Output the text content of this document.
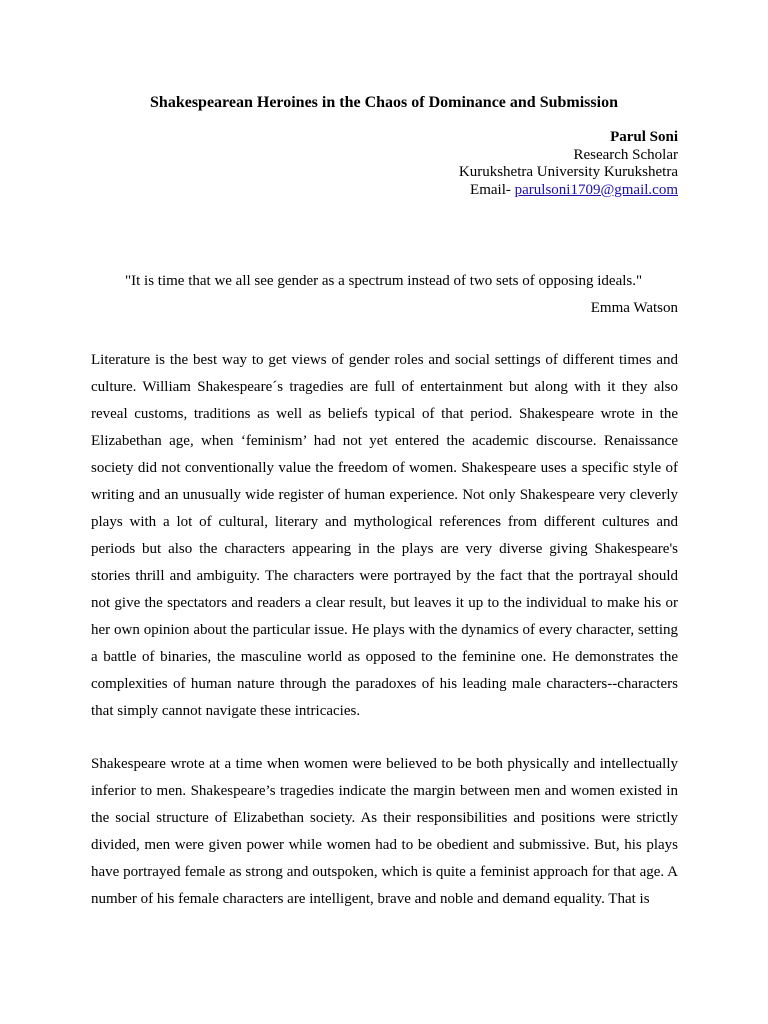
Shakespearean Heroines in the Chaos of Dominance and Submission
Parul Soni
Research Scholar
Kurukshetra University Kurukshetra
Email- parulsoni1709@gmail.com

"It is time that we all see gender as a spectrum instead of two sets of opposing ideals."

Emma Watson

Literature is the best way to get views of gender roles and social settings of different times and culture. William Shakespeare´s tragedies are full of entertainment but along with it they also reveal customs, traditions as well as beliefs typical of that period. Shakespeare wrote in the Elizabethan age, when ‘feminism’ had not yet entered the academic discourse. Renaissance society did not conventionally value the freedom of women. Shakespeare uses a specific style of writing and an unusually wide register of human experience. Not only Shakespeare very cleverly plays with a lot of cultural, literary and mythological references from different cultures and periods but also the characters appearing in the plays are very diverse giving Shakespeare's stories thrill and ambiguity. The characters were portrayed by the fact that the portrayal should not give the spectators and readers a clear result, but leaves it up to the individual to make his or her own opinion about the particular issue. He plays with the dynamics of every character, setting a battle of binaries, the masculine world as opposed to the feminine one. He demonstrates the complexities of human nature through the paradoxes of his leading male characters--characters that simply cannot navigate these intricacies.

Shakespeare wrote at a time when women were believed to be both physically and intellectually inferior to men. Shakespeare’s tragedies indicate the margin between men and women existed in the social structure of Elizabethan society. As their responsibilities and positions were strictly divided, men were given power while women had to be obedient and submissive. But, his plays have portrayed female as strong and outspoken, which is quite a feminist approach for that age. A number of his female characters are intelligent, brave and noble and demand equality. That is
